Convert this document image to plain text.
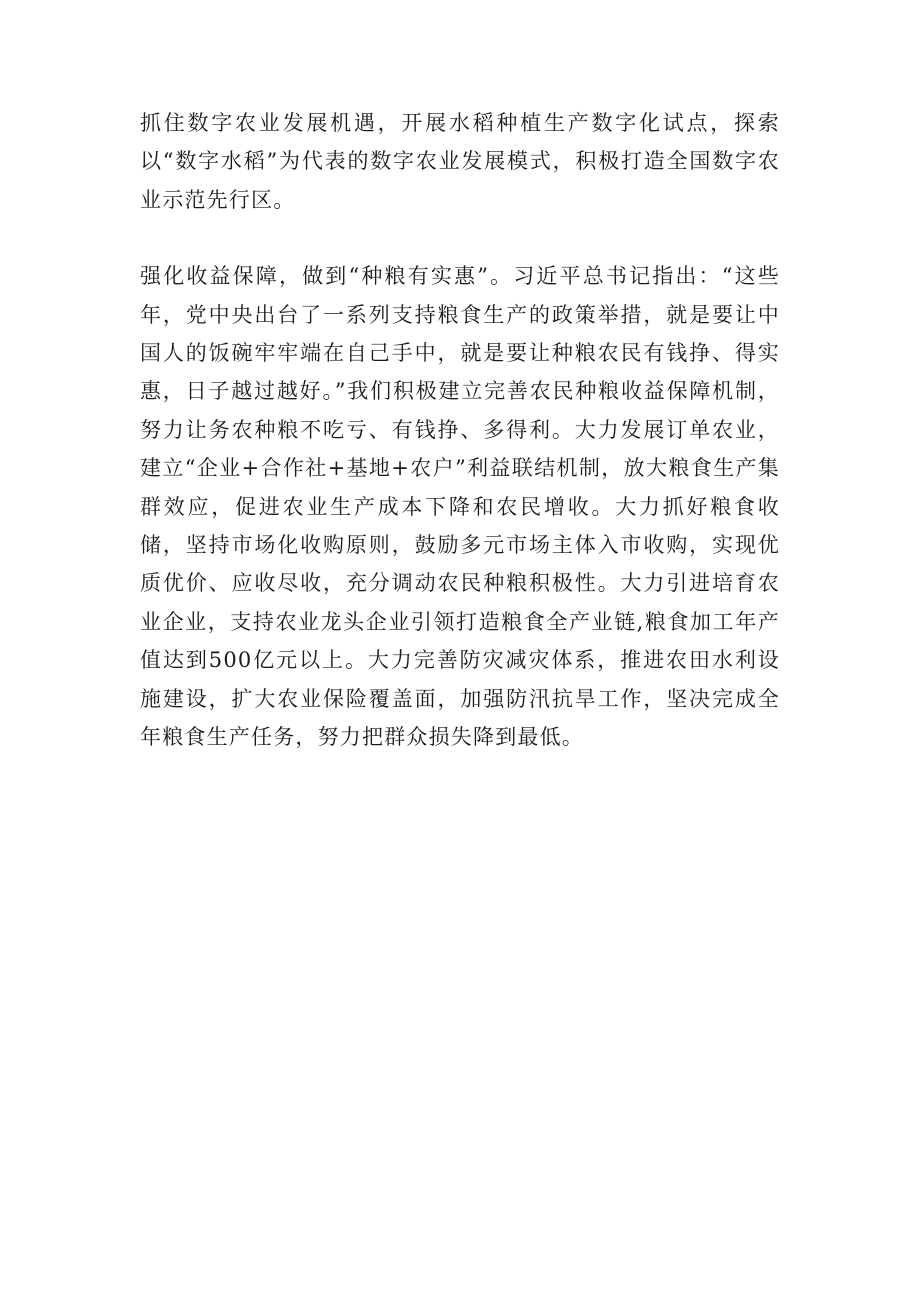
抓住数字农业发展机遇，开展水稻种植生产数字化试点，探索以“数字水稻”为代表的数字农业发展模式，积极打造全国数字农业示范先行区。

强化收益保障，做到“种粮有实惠”。习近平总书记指出：“这些年，党中央出台了一系列支持粮食生产的政策举措，就是要让中国人的饭碗牢牢端在自己手中，就是要让种粮农民有钱挣、得实惠，日子越过越好。”我们积极建立完善农民种粮收益保障机制，努力让务农种粮不吃亏、有钱挣、多得利。大力发展订单农业，建立“企业+合作社+基地+农户”利益联结机制，放大粮食生产集群效应，促进农业生产成本下降和农民增收。大力抓好粮食收储，坚持市场化收购原则，鼓励多元市场主体入市收购，实现优质优价、应收尽收，充分调动农民种粮积极性。大力引进培育农业企业，支持农业龙头企业引领打造粮食全产业链,粮食加工年产值达到500亿元以上。大力完善防灾减灾体系，推进农田水利设施建设，扩大农业保险覆盖面，加强防汛抗旱工作，坚决完成全年粮食生产任务，努力把群众损失降到最低。
